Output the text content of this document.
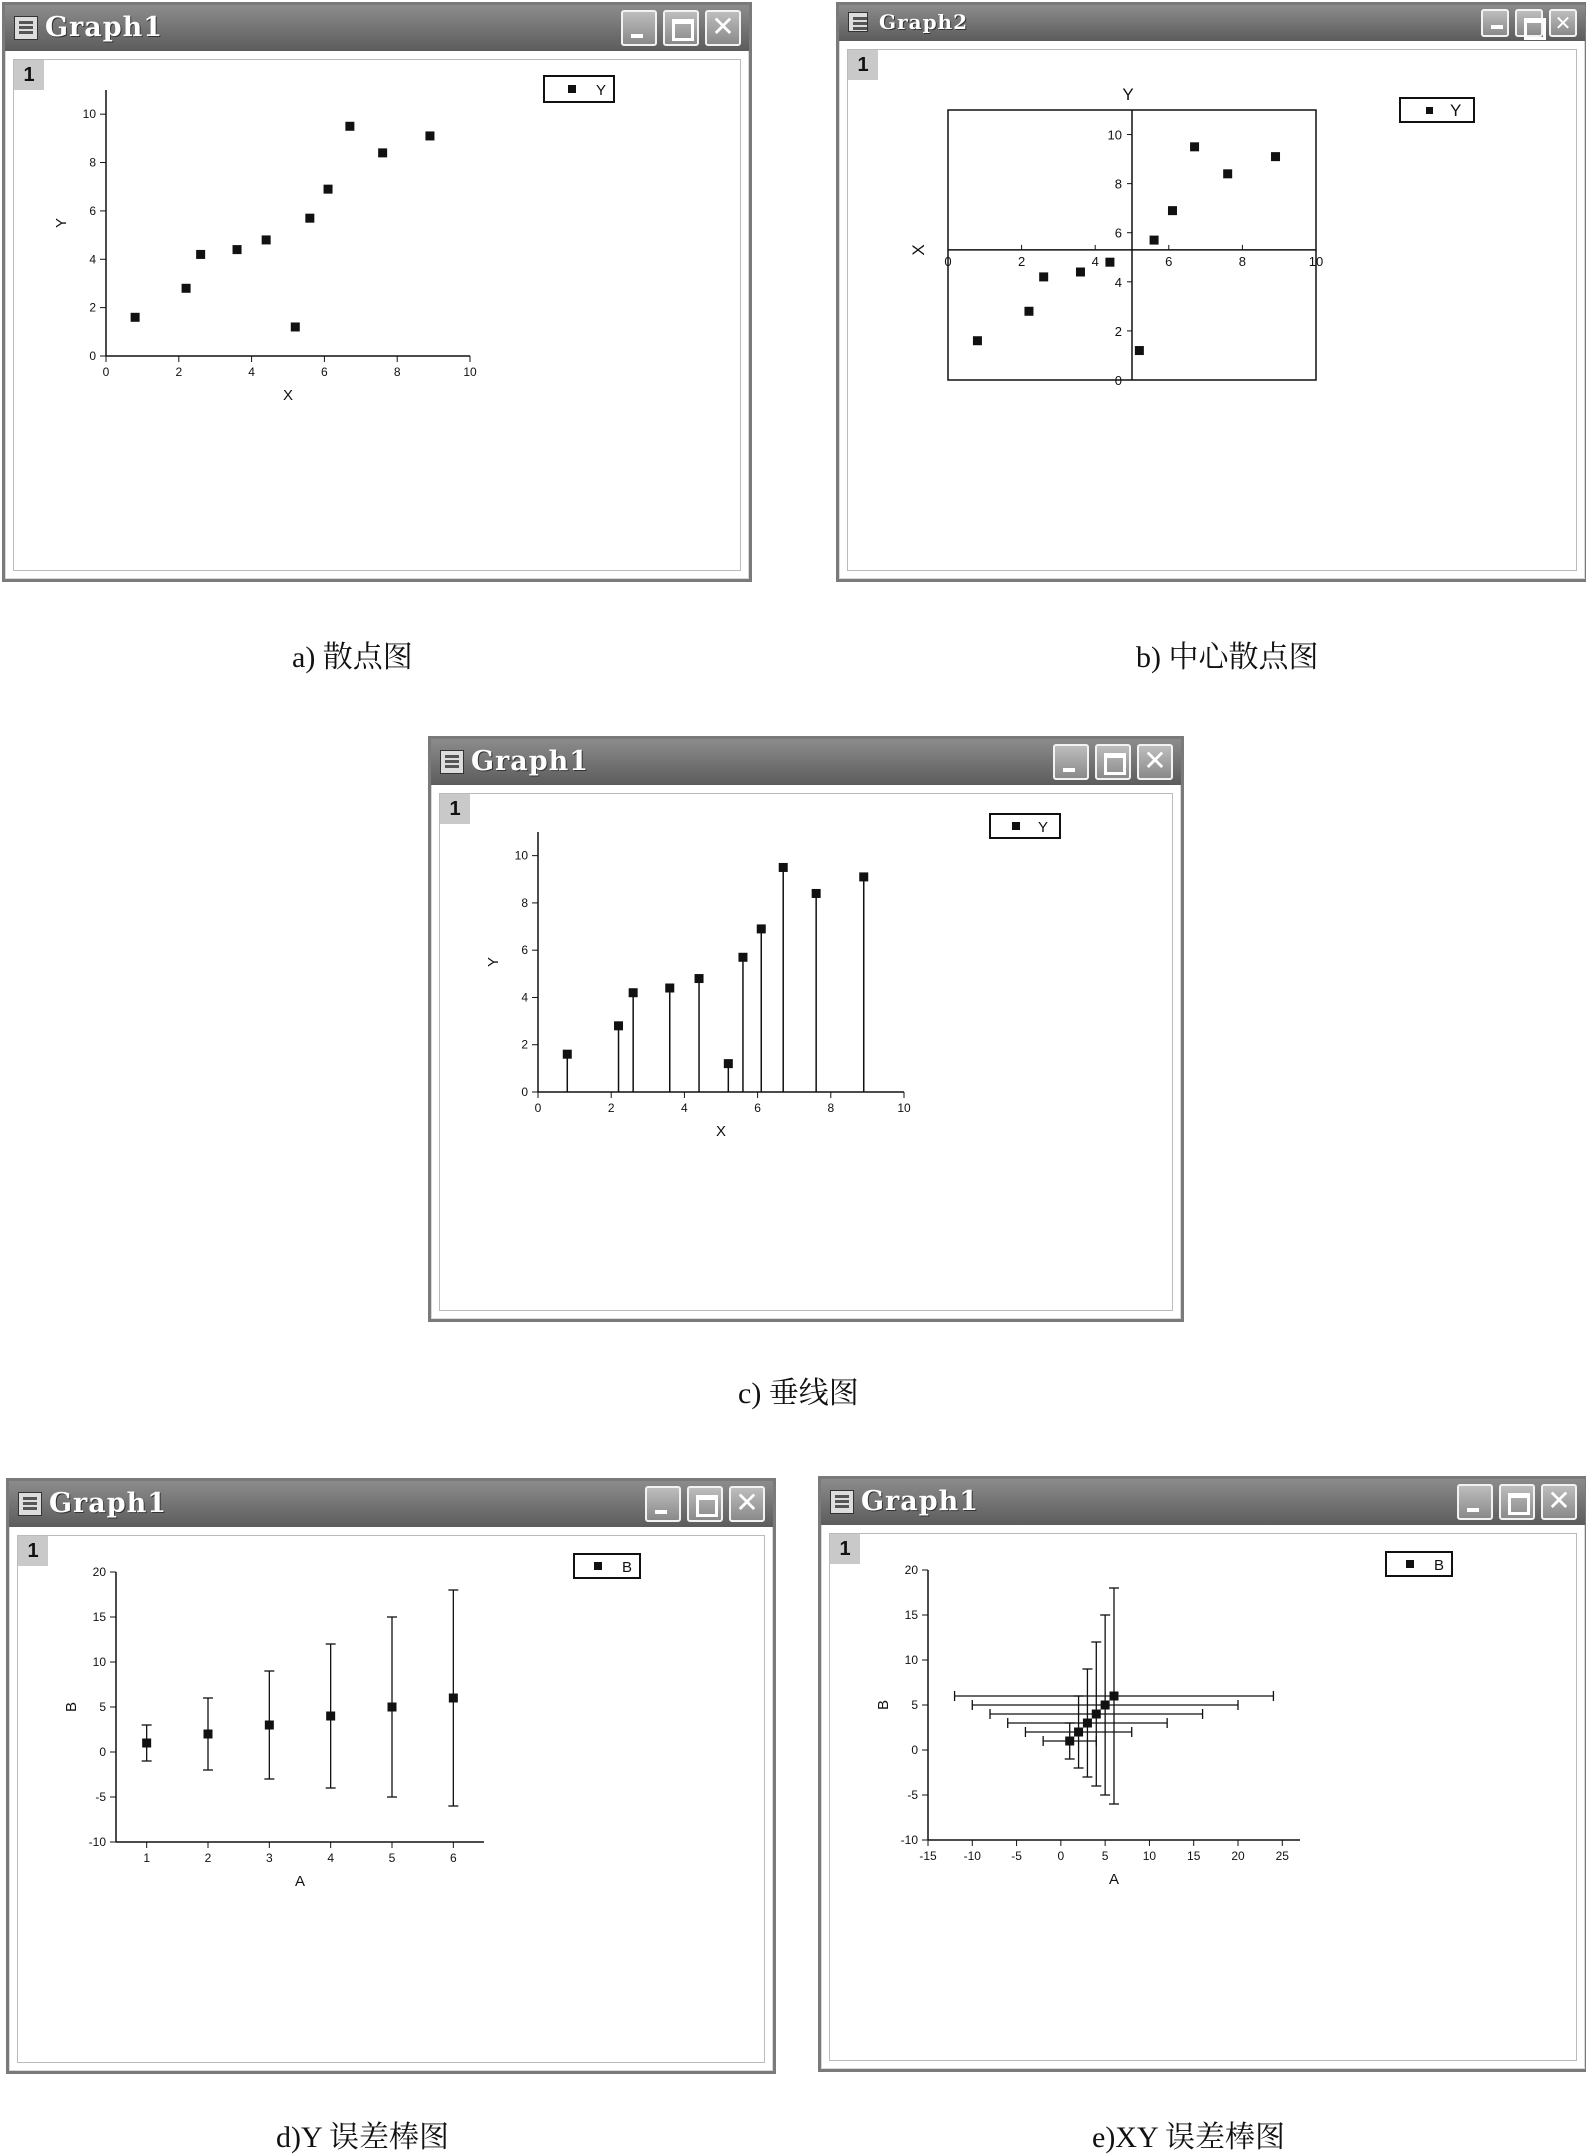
Graph1	✕
1
Y
0	2	4	6	8	10
0
2
4
6
8
10
X
Y
Graph2	✕
1
Y
0	2	4	6	8	10
0
2
4
6
8
10
Y
X
Graph1	✕
1
Y
0	2	4	6	8	10
0
2
4
6
8
10
X
Y
Graph1	✕
1
B
1	2	3	4	5	6
-10
-5
0
5
10
15
20
A
B
Graph1	✕
1
B
-15 -10	-5	0	5	10	15	20	25
-10
-5
0
5
10
15
20
A
B
a) 散点图	b) 中心散点图
c) 垂线图
d)Y 误差棒图	e)XY 误差棒图
